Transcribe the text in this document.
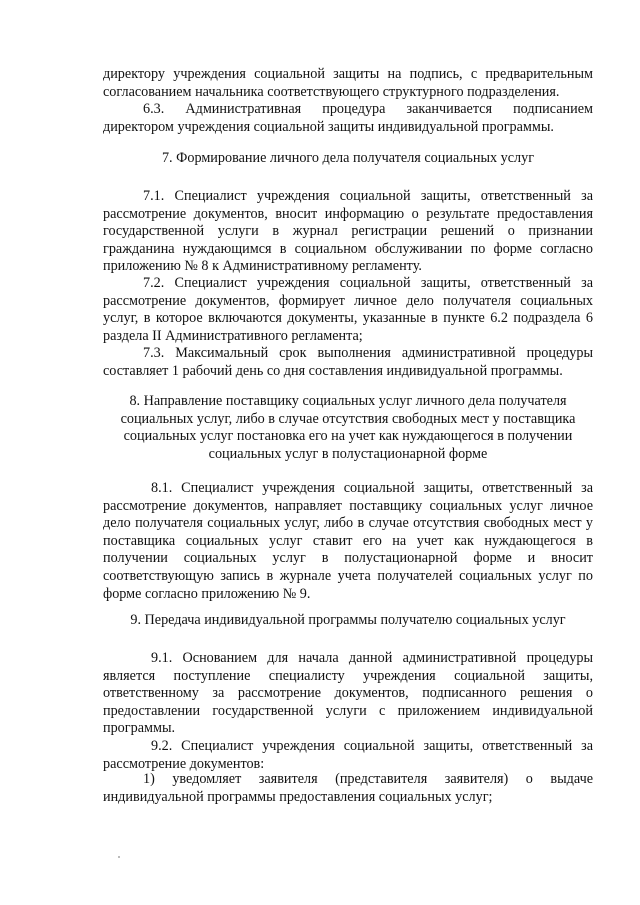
директору учреждения социальной защиты на подпись, с предварительным согласованием начальника соответствующего структурного подразделения.

6.3. Административная процедура заканчивается подписанием директором учреждения социальной защиты индивидуальной программы.

7. Формирование личного дела получателя социальных услуг

7.1. Специалист учреждения социальной защиты, ответственный за рассмотрение документов, вносит информацию о результате предоставления государственной услуги в журнал регистрации решений о признании гражданина нуждающимся в социальном обслуживании по форме согласно приложению № 8 к Административному регламенту.

7.2. Специалист учреждения социальной защиты, ответственный за рассмотрение документов, формирует личное дело получателя социальных услуг, в которое включаются документы, указанные в пункте 6.2 подраздела 6 раздела II Административного регламента;

7.3. Максимальный срок выполнения административной процедуры составляет 1 рабочий день со дня составления индивидуальной программы.

8. Направление поставщику социальных услуг личного дела получателя

социальных услуг, либо в случае отсутствия свободных мест у поставщика

социальных услуг постановка его на учет как нуждающегося в получении

социальных услуг в полустационарной форме

8.1. Специалист учреждения социальной защиты, ответственный за рассмотрение документов, направляет поставщику социальных услуг личное дело получателя социальных услуг, либо в случае отсутствия свободных мест у поставщика социальных услуг ставит его на учет как нуждающегося в получении социальных услуг в полустационарной форме и вносит соответствующую запись в журнале учета получателей социальных услуг по форме согласно приложению № 9.

9. Передача индивидуальной программы получателю социальных услуг

9.1. Основанием для начала данной административной процедуры является поступление специалисту учреждения социальной защиты, ответственному за рассмотрение документов, подписанного решения о предоставлении государственной услуги с приложением индивидуальной программы.

9.2. Специалист учреждения социальной защиты, ответственный за рассмотрение документов:

1) уведомляет заявителя (представителя заявителя) о выдаче индивидуальной программы предоставления социальных услуг;
